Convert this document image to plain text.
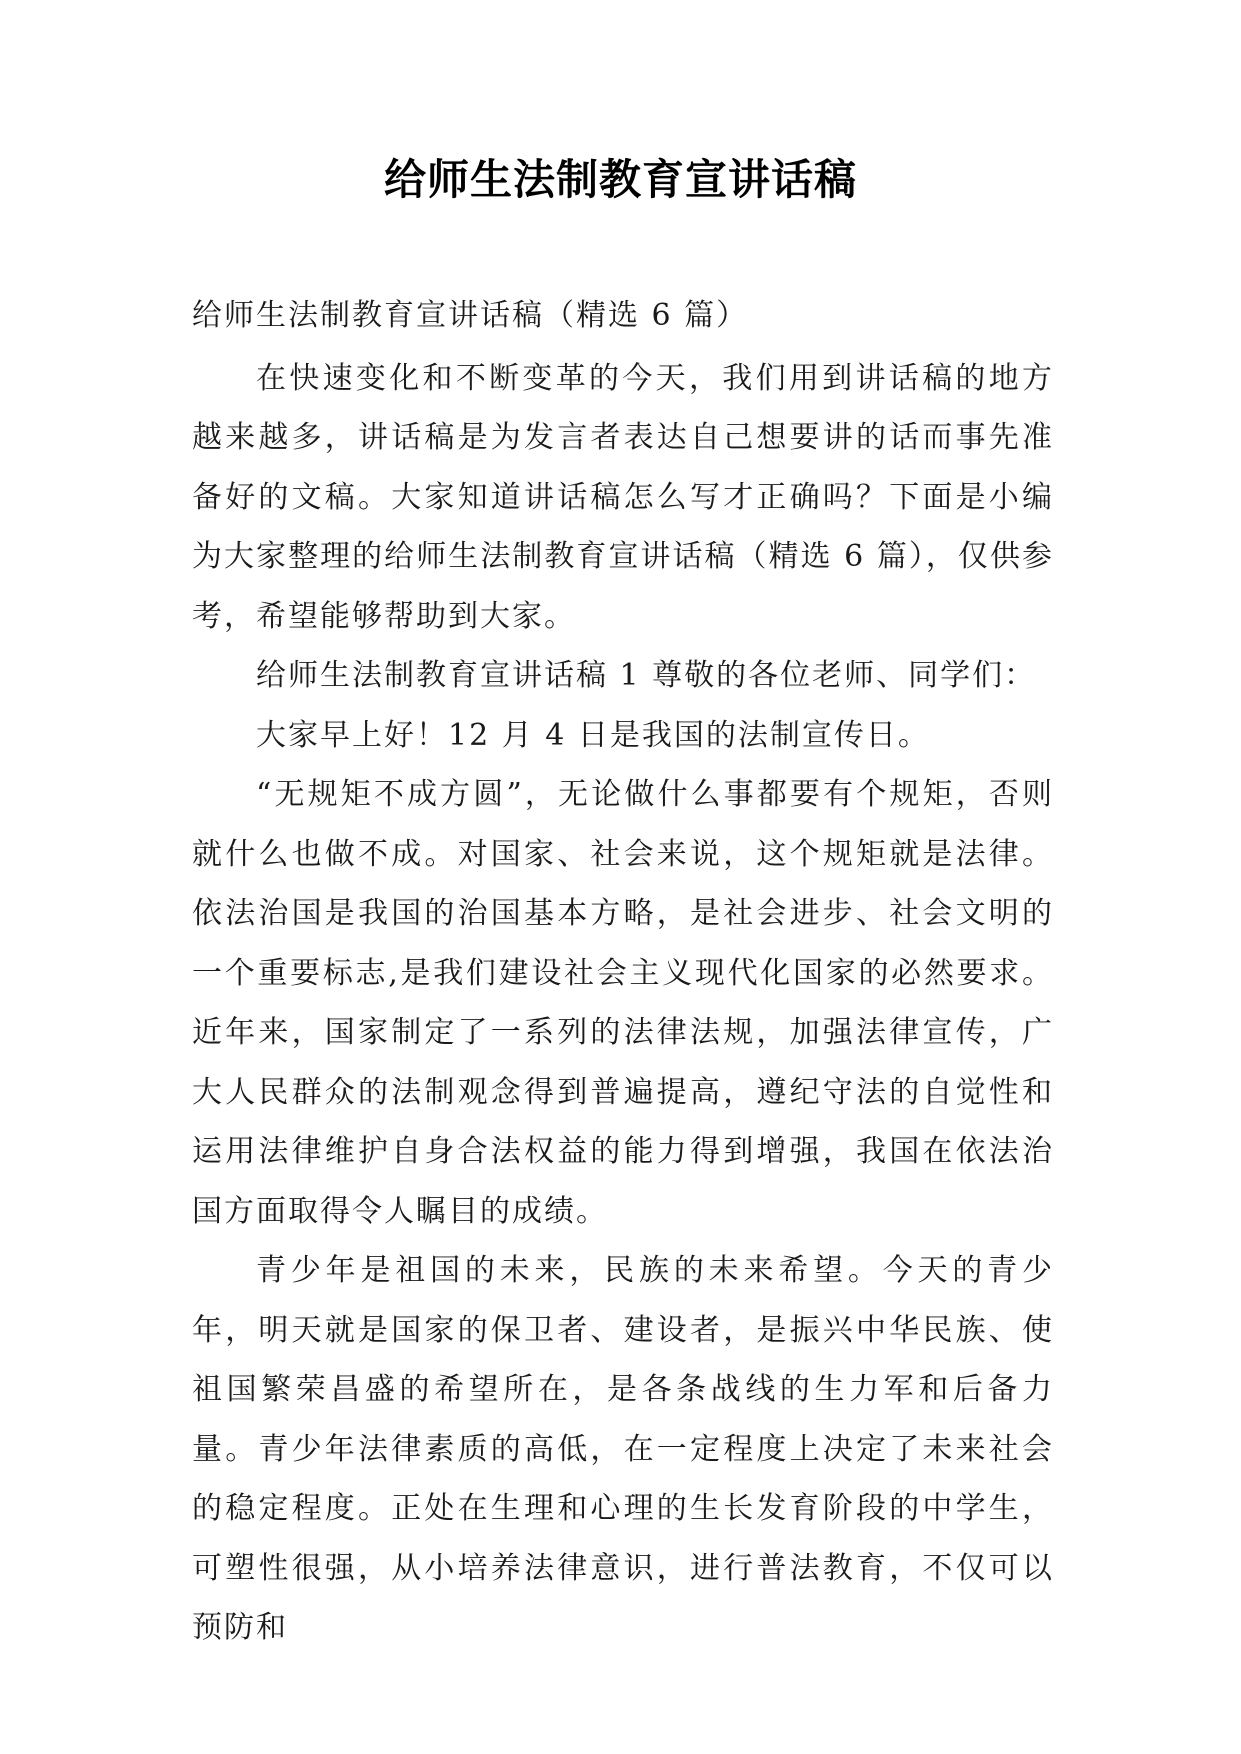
给师生法制教育宣讲话稿

给师生法制教育宣讲话稿（精选 6 篇）

在快速变化和不断变革的今天，我们用到讲话稿的地方越来越多，讲话稿是为发言者表达自己想要讲的话而事先准备好的文稿。大家知道讲话稿怎么写才正确吗？下面是小编为大家整理的给师生法制教育宣讲话稿（精选 6 篇），仅供参考，希望能够帮助到大家。

给师生法制教育宣讲话稿 1 尊敬的各位老师、同学们：

大家早上好！12 月 4 日是我国的法制宣传日。

“无规矩不成方圆”，无论做什么事都要有个规矩，否则就什么也做不成。对国家、社会来说，这个规矩就是法律。依法治国是我国的治国基本方略，是社会进步、社会文明的一个重要标志,是我们建设社会主义现代化国家的必然要求。近年来，国家制定了一系列的法律法规，加强法律宣传，广大人民群众的法制观念得到普遍提高，遵纪守法的自觉性和运用法律维护自身合法权益的能力得到增强，我国在依法治国方面取得令人瞩目的成绩。

青少年是祖国的未来，民族的未来希望。今天的青少年，明天就是国家的保卫者、建设者，是振兴中华民族、使祖国繁荣昌盛的希望所在，是各条战线的生力军和后备力量。青少年法律素质的高低，在一定程度上决定了未来社会的稳定程度。正处在生理和心理的生长发育阶段的中学生，可塑性很强，从小培养法律意识，进行普法教育，不仅可以预防和
